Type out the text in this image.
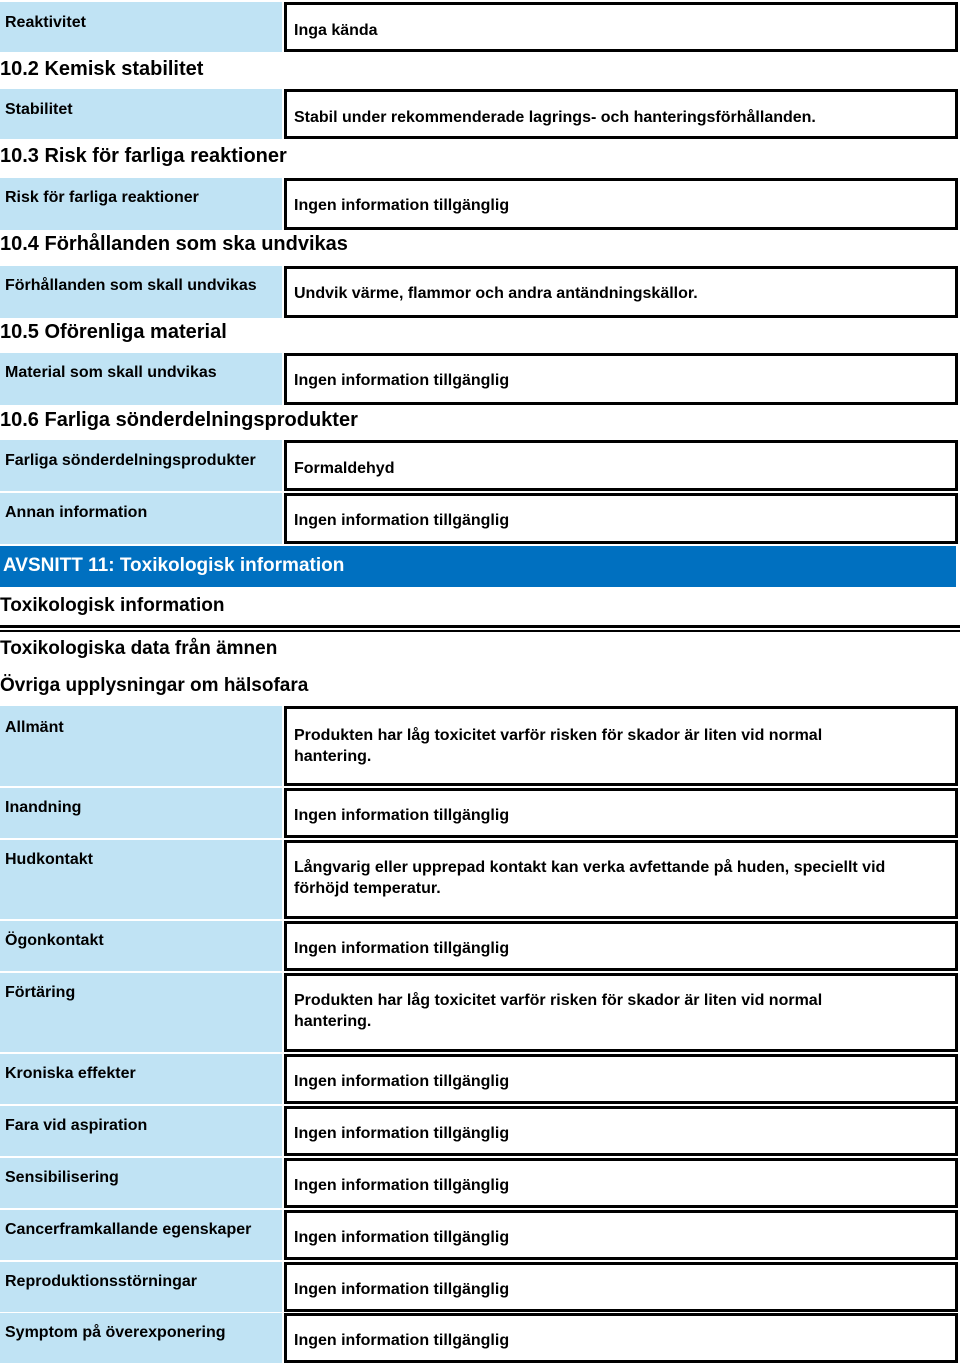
Reaktivitet	Inga kända
10.2 Kemisk stabilitet
Stabilitet	Stabil under rekommenderade lagrings- och hanteringsförhållanden.
10.3 Risk för farliga reaktioner
Risk för farliga reaktioner	Ingen information tillgänglig
10.4 Förhållanden som ska undvikas
Förhållanden som skall undvikas	Undvik värme, flammor och andra antändningskällor.
10.5 Oförenliga material
Material som skall undvikas	Ingen information tillgänglig
10.6 Farliga sönderdelningsprodukter
Farliga sönderdelningsprodukter	Formaldehyd
Annan information	Ingen information tillgänglig
AVSNITT 11: Toxikologisk information
Toxikologisk information
Toxikologiska data från ämnen
Övriga upplysningar om hälsofara
Allmänt	Produkten har låg toxicitet varför risken för skador är liten vid normal hantering.
Inandning	Ingen information tillgänglig
Hudkontakt	Långvarig eller upprepad kontakt kan verka avfettande på huden, speciellt vid förhöjd temperatur.
Ögonkontakt	Ingen information tillgänglig
Förtäring	Produkten har låg toxicitet varför risken för skador är liten vid normal hantering.
Kroniska effekter	Ingen information tillgänglig
Fara vid aspiration	Ingen information tillgänglig
Sensibilisering	Ingen information tillgänglig
Cancerframkallande egenskaper	Ingen information tillgänglig
Reproduktionsstörningar	Ingen information tillgänglig
Symptom på överexponering	Ingen information tillgänglig
